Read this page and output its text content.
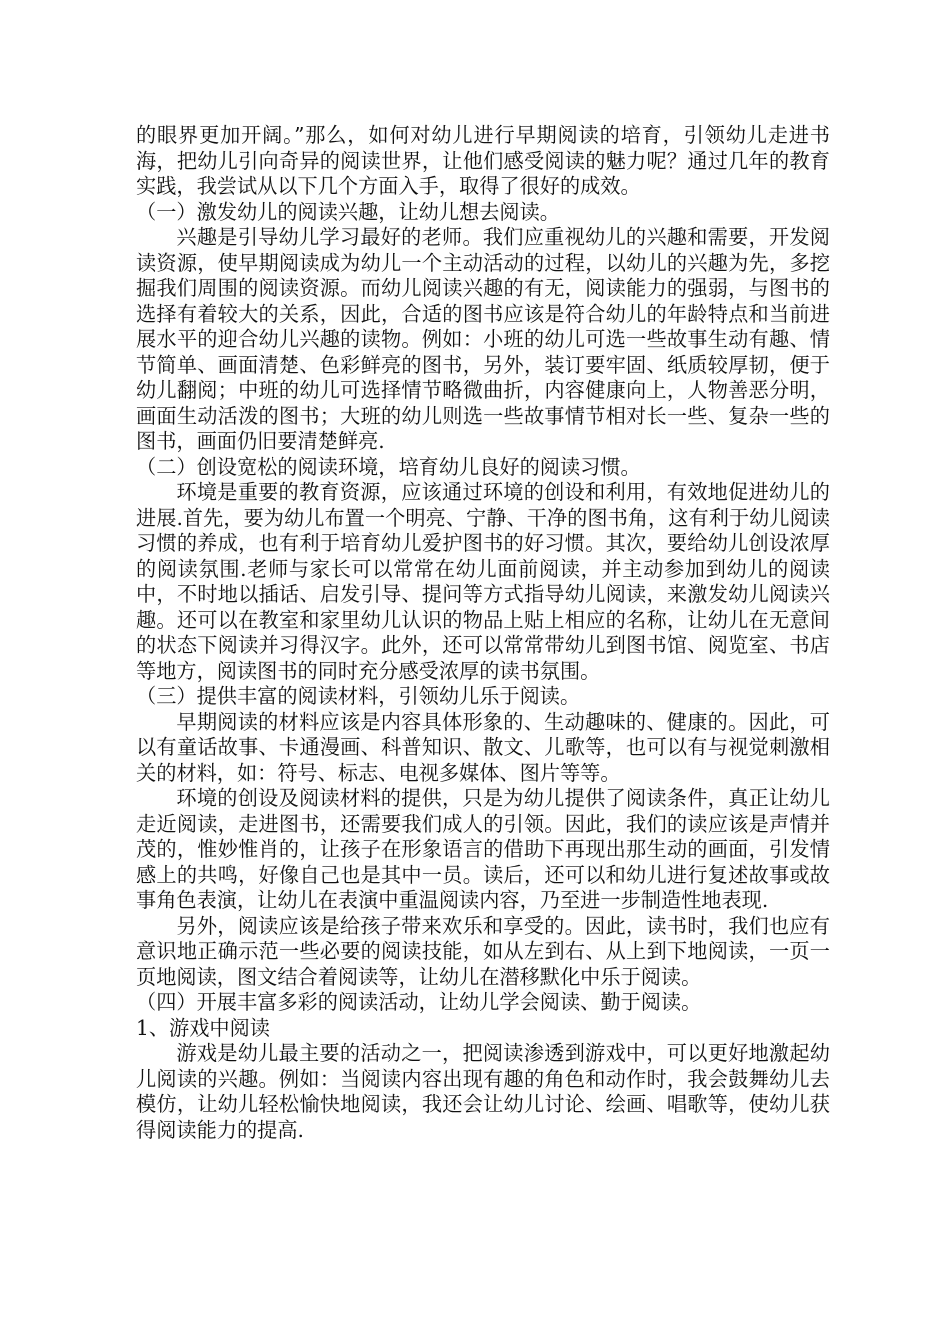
的眼界更加开阔。”那么，如何对幼儿进行早期阅读的培育，引领幼儿走进书海，把幼儿引向奇异的阅读世界，让他们感受阅读的魅力呢？通过几年的教育实践，我尝试从以下几个方面入手，取得了很好的成效。

（一）激发幼儿的阅读兴趣，让幼儿想去阅读。

兴趣是引导幼儿学习最好的老师。我们应重视幼儿的兴趣和需要，开发阅读资源，使早期阅读成为幼儿一个主动活动的过程，以幼儿的兴趣为先，多挖掘我们周围的阅读资源。而幼儿阅读兴趣的有无，阅读能力的强弱，与图书的选择有着较大的关系，因此，合适的图书应该是符合幼儿的年龄特点和当前进展水平的迎合幼儿兴趣的读物。例如：小班的幼儿可选一些故事生动有趣、情节简单、画面清楚、色彩鲜亮的图书，另外，装订要牢固、纸质较厚韧，便于幼儿翻阅；中班的幼儿可选择情节略微曲折，内容健康向上，人物善恶分明，画面生动活泼的图书；大班的幼儿则选一些故事情节相对长一些、复杂一些的图书，画面仍旧要清楚鲜亮.

（二）创设宽松的阅读环境，培育幼儿良好的阅读习惯。

环境是重要的教育资源，应该通过环境的创设和利用，有效地促进幼儿的进展.首先，要为幼儿布置一个明亮、宁静、干净的图书角，这有利于幼儿阅读习惯的养成，也有利于培育幼儿爱护图书的好习惯。其次，要给幼儿创设浓厚的阅读氛围.老师与家长可以常常在幼儿面前阅读，并主动参加到幼儿的阅读中，不时地以插话、启发引导、提问等方式指导幼儿阅读，来激发幼儿阅读兴趣。还可以在教室和家里幼儿认识的物品上贴上相应的名称，让幼儿在无意间的状态下阅读并习得汉字。此外，还可以常常带幼儿到图书馆、阅览室、书店等地方，阅读图书的同时充分感受浓厚的读书氛围。

（三）提供丰富的阅读材料，引领幼儿乐于阅读。

早期阅读的材料应该是内容具体形象的、生动趣味的、健康的。因此，可以有童话故事、卡通漫画、科普知识、散文、儿歌等，也可以有与视觉刺激相关的材料，如：符号、标志、电视多媒体、图片等等。

环境的创设及阅读材料的提供，只是为幼儿提供了阅读条件，真正让幼儿走近阅读，走进图书，还需要我们成人的引领。因此，我们的读应该是声情并茂的，惟妙惟肖的，让孩子在形象语言的借助下再现出那生动的画面，引发情感上的共鸣，好像自己也是其中一员。读后，还可以和幼儿进行复述故事或故事角色表演，让幼儿在表演中重温阅读内容，乃至进一步制造性地表现.

另外，阅读应该是给孩子带来欢乐和享受的。因此，读书时，我们也应有意识地正确示范一些必要的阅读技能，如从左到右、从上到下地阅读，一页一页地阅读，图文结合着阅读等，让幼儿在潜移默化中乐于阅读。

（四）开展丰富多彩的阅读活动，让幼儿学会阅读、勤于阅读。

1、游戏中阅读

游戏是幼儿最主要的活动之一，把阅读渗透到游戏中，可以更好地激起幼儿阅读的兴趣。例如：当阅读内容出现有趣的角色和动作时，我会鼓舞幼儿去模仿，让幼儿轻松愉快地阅读，我还会让幼儿讨论、绘画、唱歌等，使幼儿获得阅读能力的提高.
